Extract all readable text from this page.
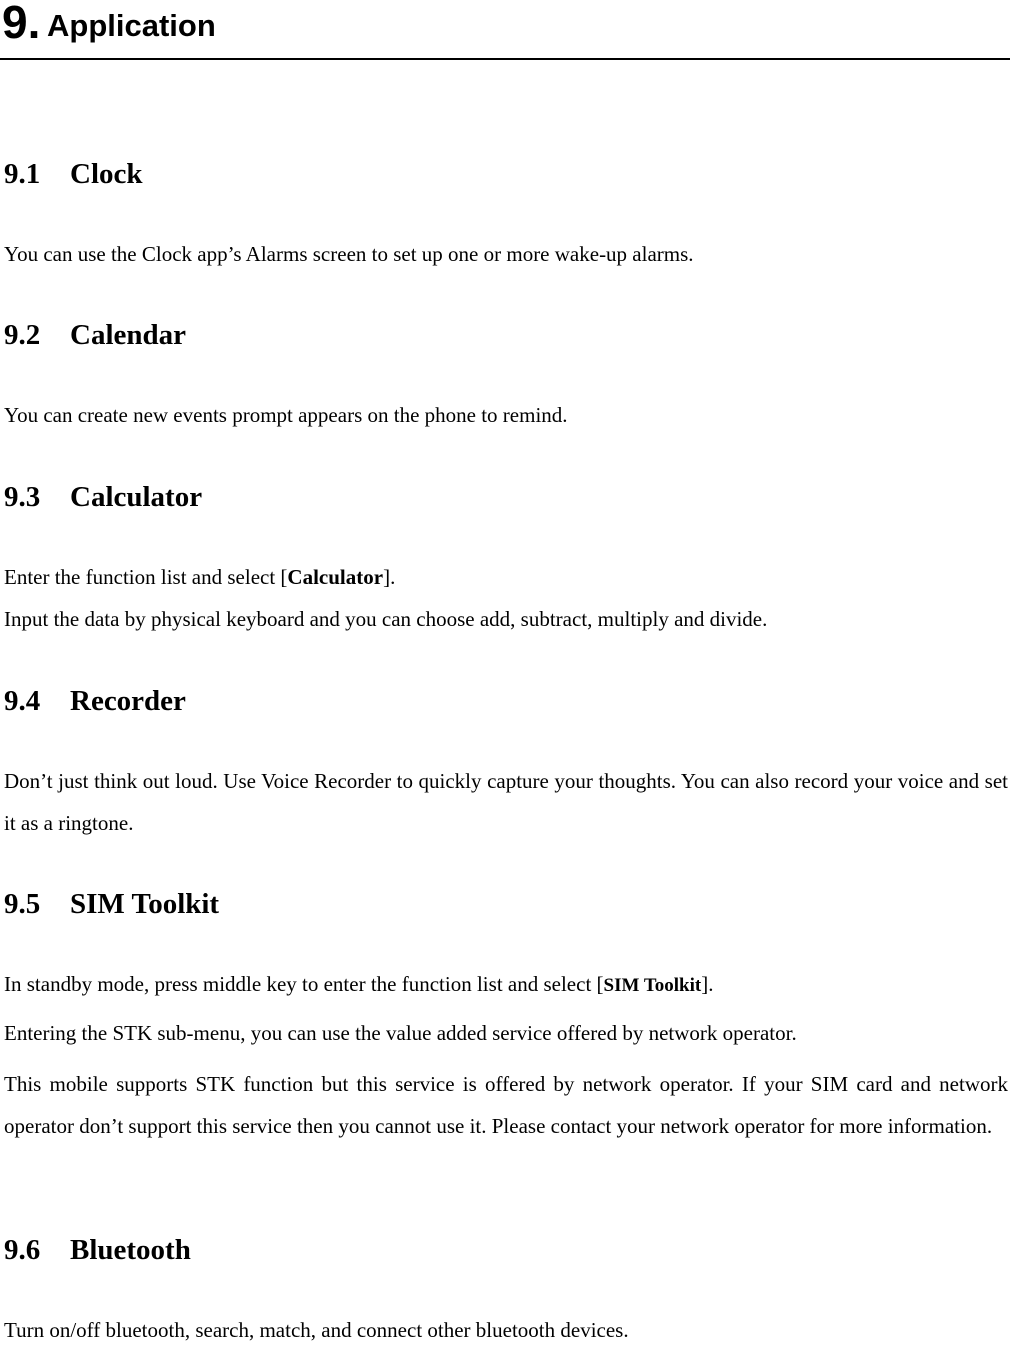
9. Application
9.1 Clock

You can use the Clock app’s Alarms screen to set up one or more wake-up alarms.

9.2 Calendar

You can create new events prompt appears on the phone to remind.

9.3 Calculator

Enter the function list and select [Calculator].

Input the data by physical keyboard and you can choose add, subtract, multiply and divide.

9.4 Recorder

Don’t just think out loud. Use Voice Recorder to quickly capture your thoughts. You can also record your voice and set it as a ringtone.

9.5 SIM Toolkit

In standby mode, press middle key to enter the function list and select [SIM Toolkit].

Entering the STK sub-menu, you can use the value added service offered by network operator.

This mobile supports STK function but this service is offered by network operator. If your SIM card and network operator don’t support this service then you cannot use it. Please contact your network operator for more information.

9.6 Bluetooth

Turn on/off bluetooth, search, match, and connect other bluetooth devices.
